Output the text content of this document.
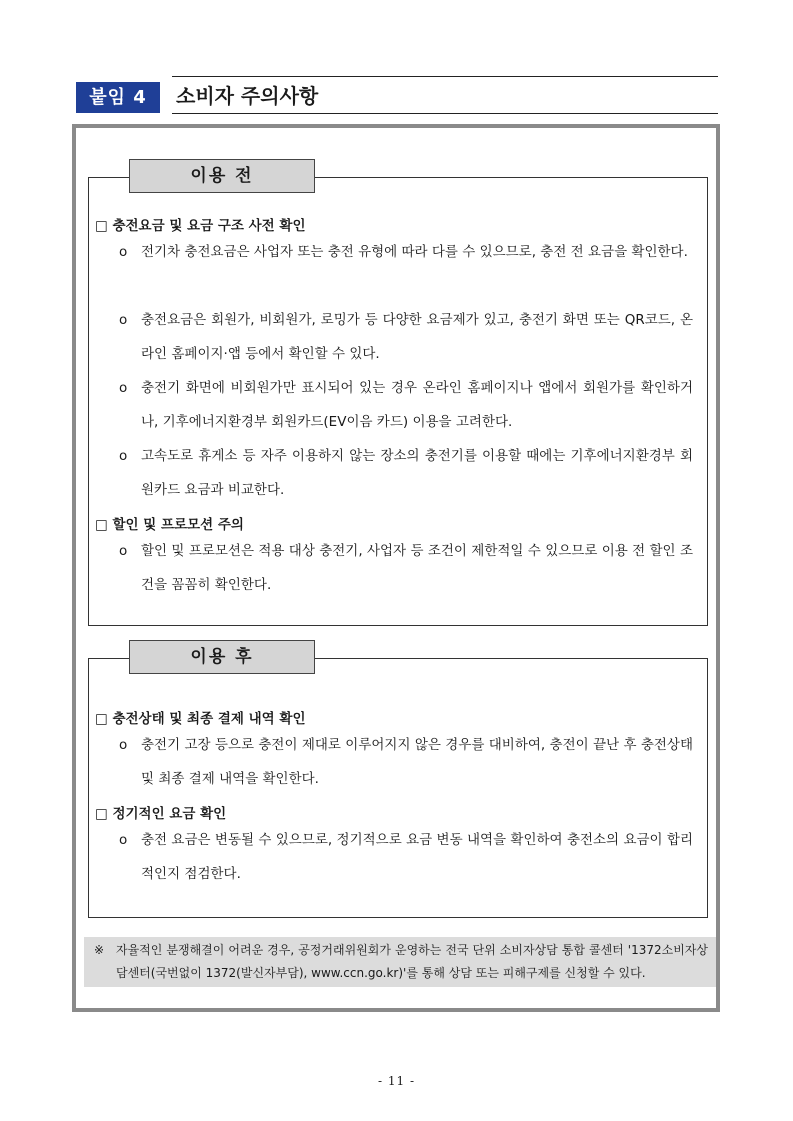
붙임 4	소비자 주의사항
이용 전
□ 충전요금 및 요금 구조 사전 확인
o	전기차 충전요금은 사업자 또는 충전 유형에 따라 다를 수 있으므로, 충전 전 요금을 확인한다.
o	충전요금은 회원가, 비회원가, 로밍가 등 다양한 요금제가 있고, 충전기 화면 또는 QR코드, 온라인 홈페이지·앱 등에서 확인할 수 있다.
o	충전기 화면에 비회원가만 표시되어 있는 경우 온라인 홈페이지나 앱에서 회원가를 확인하거나, 기후에너지환경부 회원카드(EV이음 카드) 이용을 고려한다.
o	고속도로 휴게소 등 자주 이용하지 않는 장소의 충전기를 이용할 때에는 기후에너지환경부 회원카드 요금과 비교한다.
□ 할인 및 프로모션 주의
o	할인 및 프로모션은 적용 대상 충전기, 사업자 등 조건이 제한적일 수 있으므로 이용 전 할인 조건을 꼼꼼히 확인한다.
이용 후
□ 충전상태 및 최종 결제 내역 확인
o	충전기 고장 등으로 충전이 제대로 이루어지지 않은 경우를 대비하여, 충전이 끝난 후 충전상태 및 최종 결제 내역을 확인한다.
□ 정기적인 요금 확인
o	충전 요금은 변동될 수 있으므로, 정기적으로 요금 변동 내역을 확인하여 충전소의 요금이 합리적인지 점검한다.
※ 자율적인 분쟁해결이 어려운 경우, 공정거래위원회가 운영하는 전국 단위 소비자상담 통합 콜센터 '1372소비자상담센터(국번없이 1372(발신자부담), www.ccn.go.kr)'를 통해 상담 또는 피해구제를 신청할 수 있다.
- 11 -
